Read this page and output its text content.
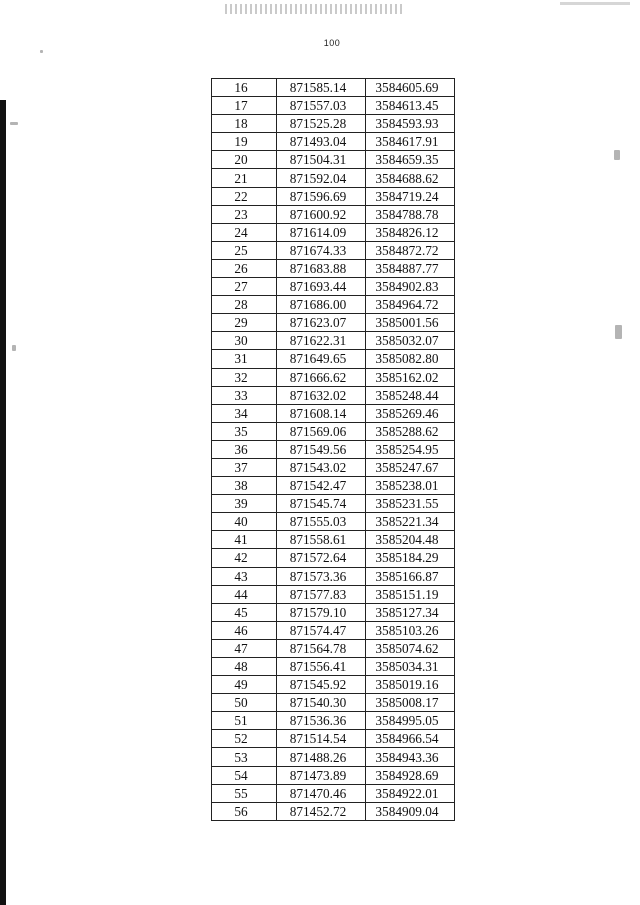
100
16	871585.14	3584605.69
17	871557.03	3584613.45
18	871525.28	3584593.93
19	871493.04	3584617.91
20	871504.31	3584659.35
21	871592.04	3584688.62
22	871596.69	3584719.24
23	871600.92	3584788.78
24	871614.09	3584826.12
25	871674.33	3584872.72
26	871683.88	3584887.77
27	871693.44	3584902.83
28	871686.00	3584964.72
29	871623.07	3585001.56
30	871622.31	3585032.07
31	871649.65	3585082.80
32	871666.62	3585162.02
33	871632.02	3585248.44
34	871608.14	3585269.46
35	871569.06	3585288.62
36	871549.56	3585254.95
37	871543.02	3585247.67
38	871542.47	3585238.01
39	871545.74	3585231.55
40	871555.03	3585221.34
41	871558.61	3585204.48
42	871572.64	3585184.29
43	871573.36	3585166.87
44	871577.83	3585151.19
45	871579.10	3585127.34
46	871574.47	3585103.26
47	871564.78	3585074.62
48	871556.41	3585034.31
49	871545.92	3585019.16
50	871540.30	3585008.17
51	871536.36	3584995.05
52	871514.54	3584966.54
53	871488.26	3584943.36
54	871473.89	3584928.69
55	871470.46	3584922.01
56	871452.72	3584909.04
